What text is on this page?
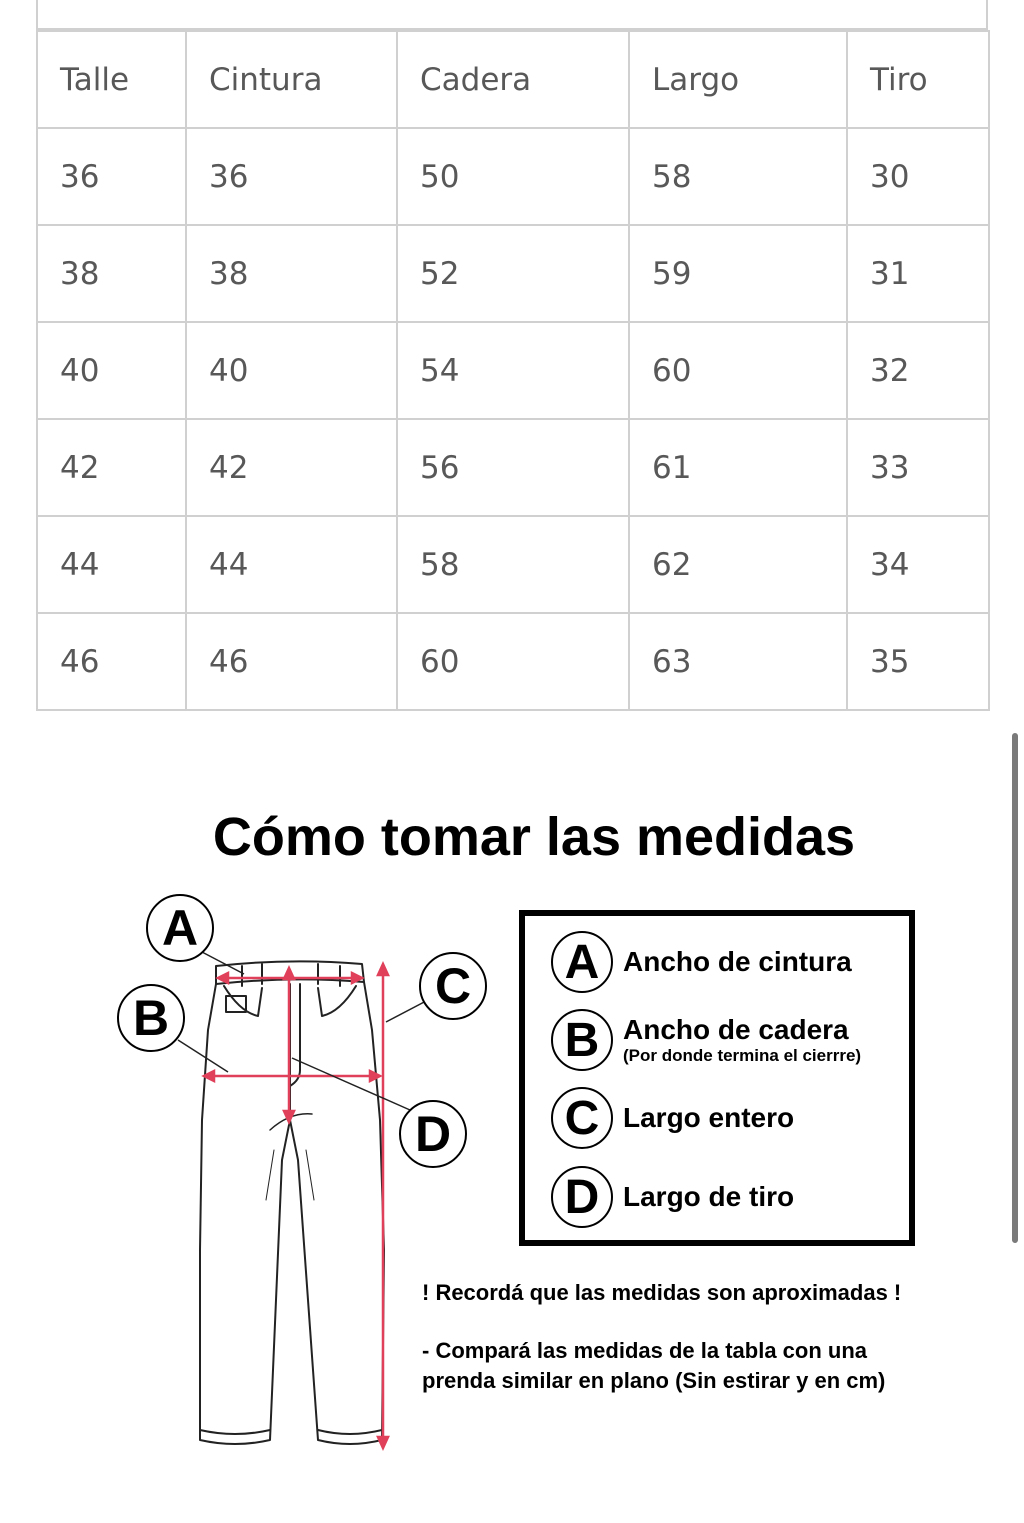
Talle	Cintura	Cadera	Largo	Tiro
36	36	50	58	30
38	38	52	59	31
40	40	54	60	32
42	42	56	61	33
44	44	58	62	34
46	46	60	63	35
Cómo tomar las medidas
A
B
C
D
A Ancho de cintura
B Ancho de cadera
(Por donde termina el cierrre)
C Largo entero
D Largo de tiro
! Recordá que las medidas son aproximadas !
- Compará las medidas de la tabla con una
prenda similar en plano (Sin estirar y en cm)
